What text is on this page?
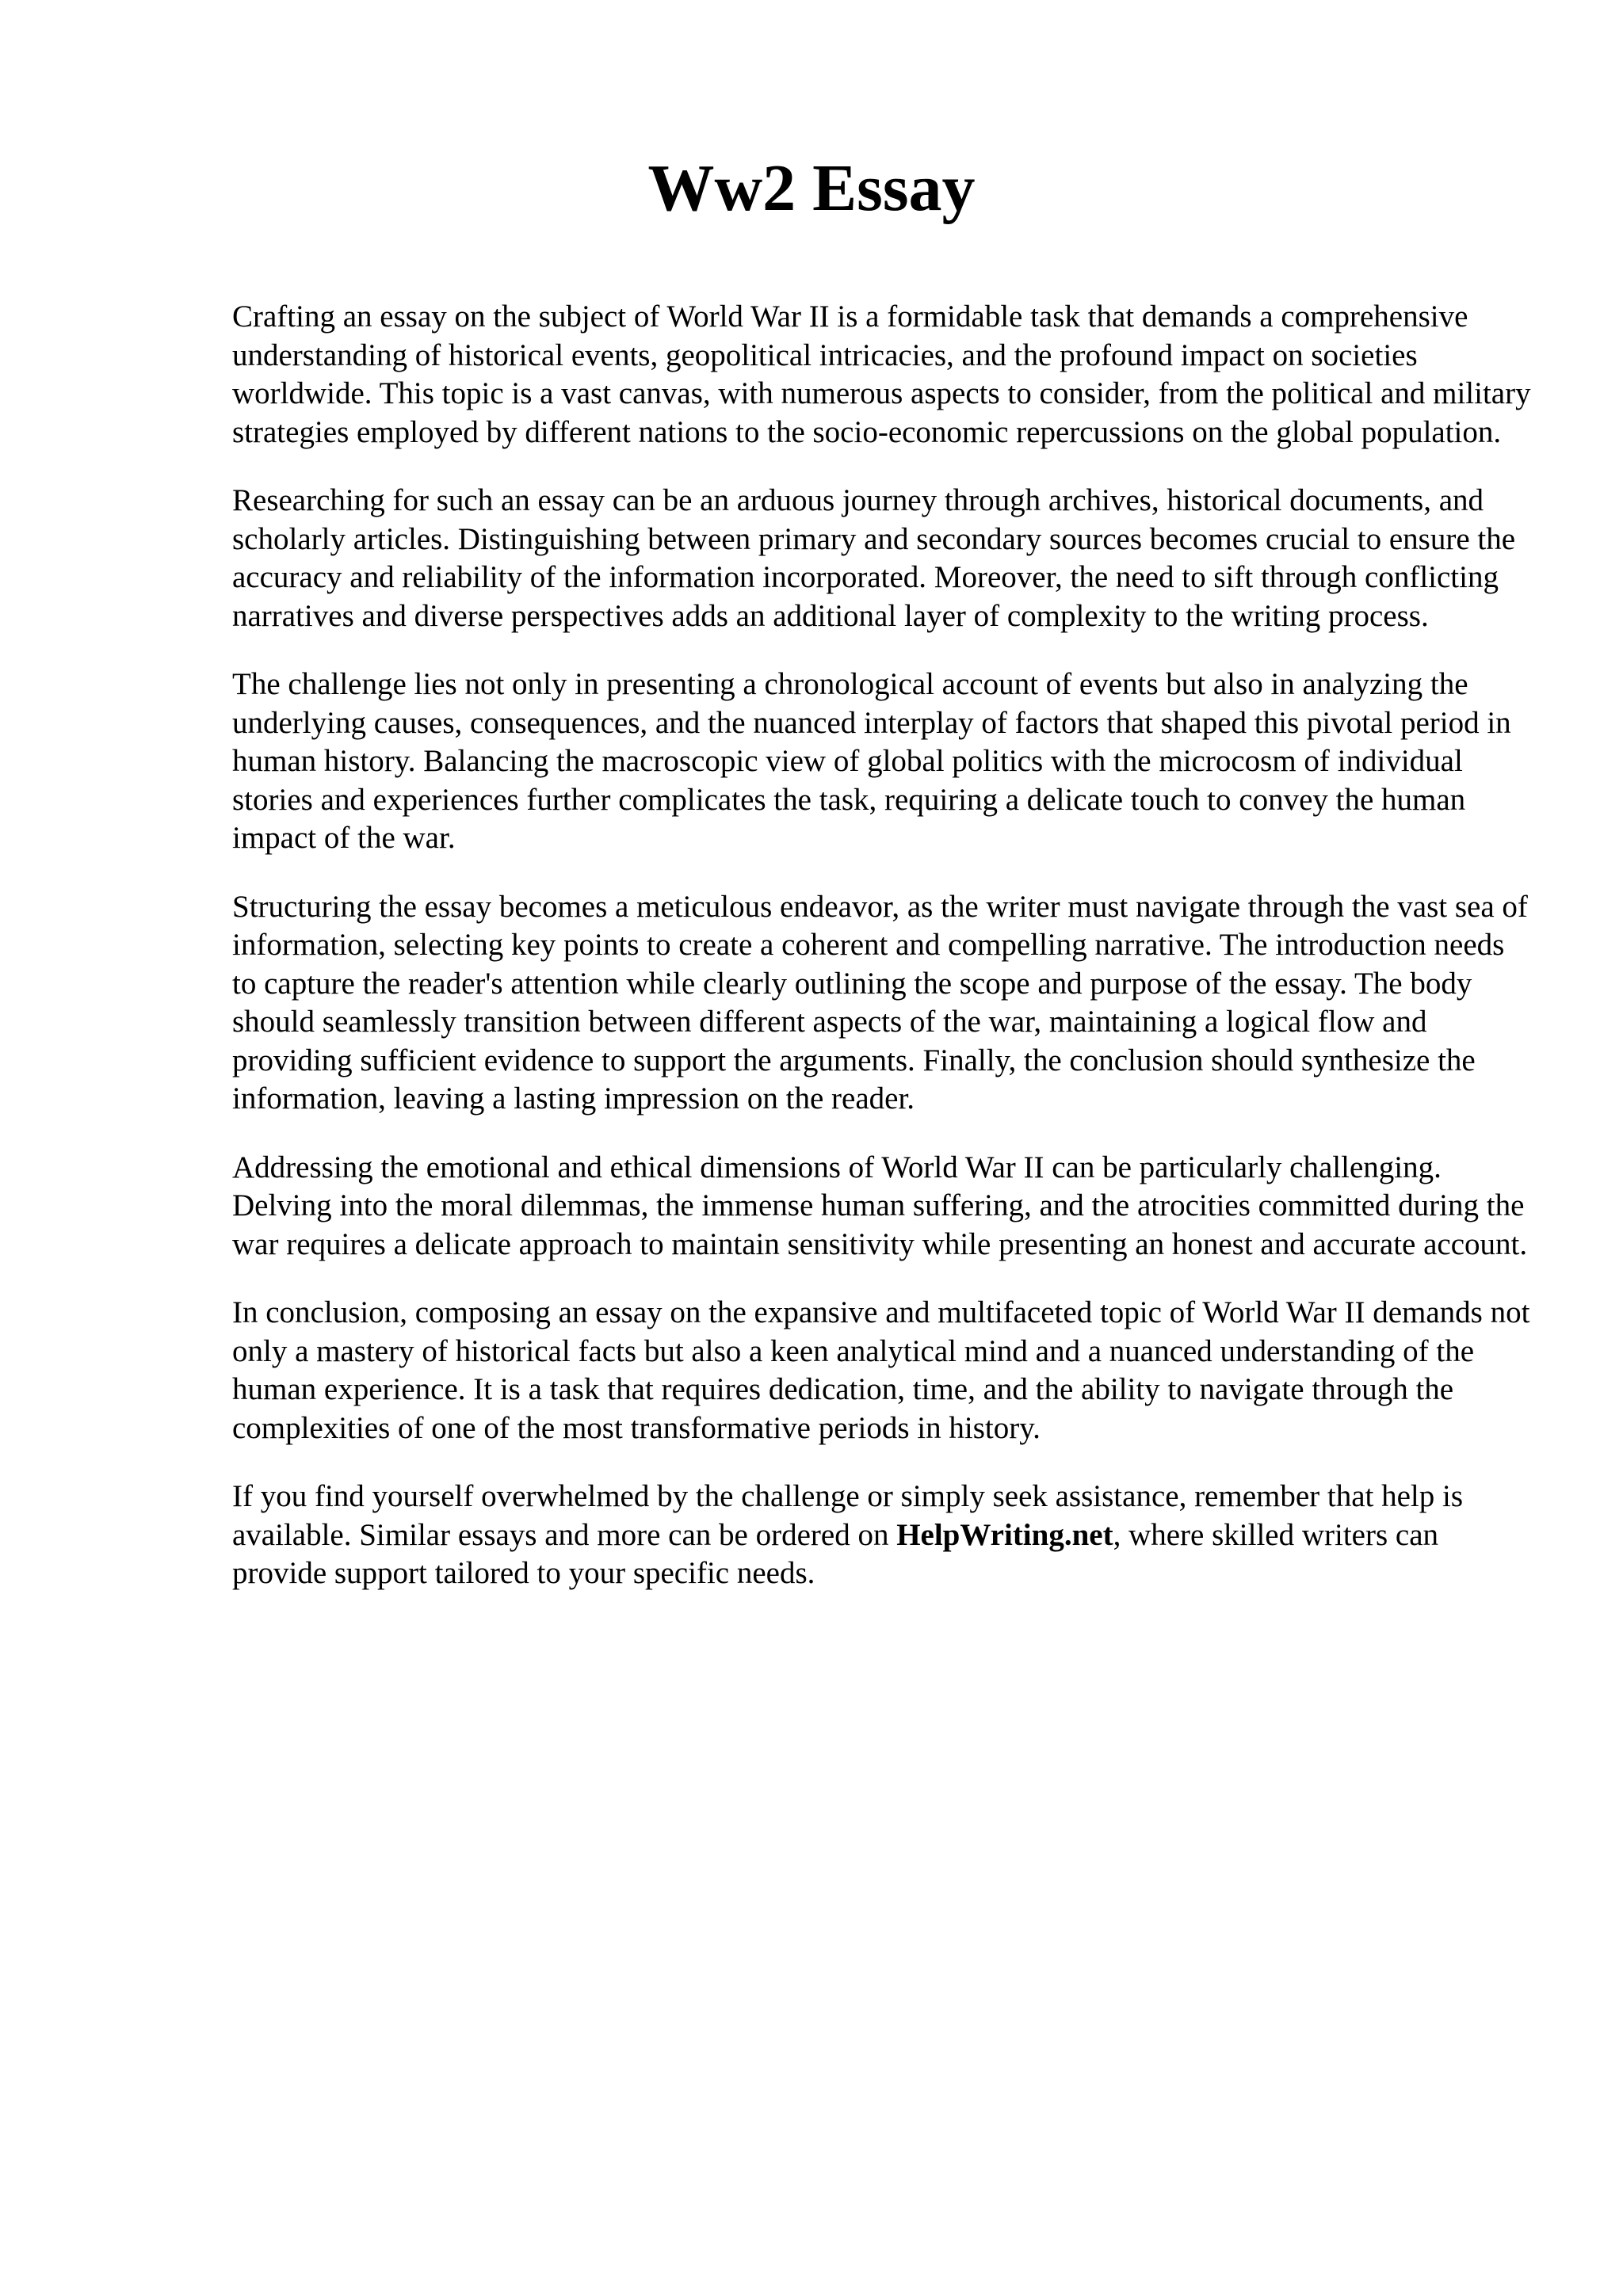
Ww2 Essay

Crafting an essay on the subject of World War II is a formidable task that demands a comprehensive understanding of historical events, geopolitical intricacies, and the profound impact on societies worldwide. This topic is a vast canvas, with numerous aspects to consider, from the political and military strategies employed by different nations to the socio-economic repercussions on the global population.

Researching for such an essay can be an arduous journey through archives, historical documents, and scholarly articles. Distinguishing between primary and secondary sources becomes crucial to ensure the accuracy and reliability of the information incorporated. Moreover, the need to sift through conflicting narratives and diverse perspectives adds an additional layer of complexity to the writing process.

The challenge lies not only in presenting a chronological account of events but also in analyzing the underlying causes, consequences, and the nuanced interplay of factors that shaped this pivotal period in human history. Balancing the macroscopic view of global politics with the microcosm of individual stories and experiences further complicates the task, requiring a delicate touch to convey the human impact of the war.

Structuring the essay becomes a meticulous endeavor, as the writer must navigate through the vast sea of information, selecting key points to create a coherent and compelling narrative. The introduction needs to capture the reader's attention while clearly outlining the scope and purpose of the essay. The body should seamlessly transition between different aspects of the war, maintaining a logical flow and providing sufficient evidence to support the arguments. Finally, the conclusion should synthesize the information, leaving a lasting impression on the reader.

Addressing the emotional and ethical dimensions of World War II can be particularly challenging. Delving into the moral dilemmas, the immense human suffering, and the atrocities committed during the war requires a delicate approach to maintain sensitivity while presenting an honest and accurate account.

In conclusion, composing an essay on the expansive and multifaceted topic of World War II demands not only a mastery of historical facts but also a keen analytical mind and a nuanced understanding of the human experience. It is a task that requires dedication, time, and the ability to navigate through the complexities of one of the most transformative periods in history.

If you find yourself overwhelmed by the challenge or simply seek assistance, remember that help is available. Similar essays and more can be ordered on HelpWriting.net, where skilled writers can provide support tailored to your specific needs.
